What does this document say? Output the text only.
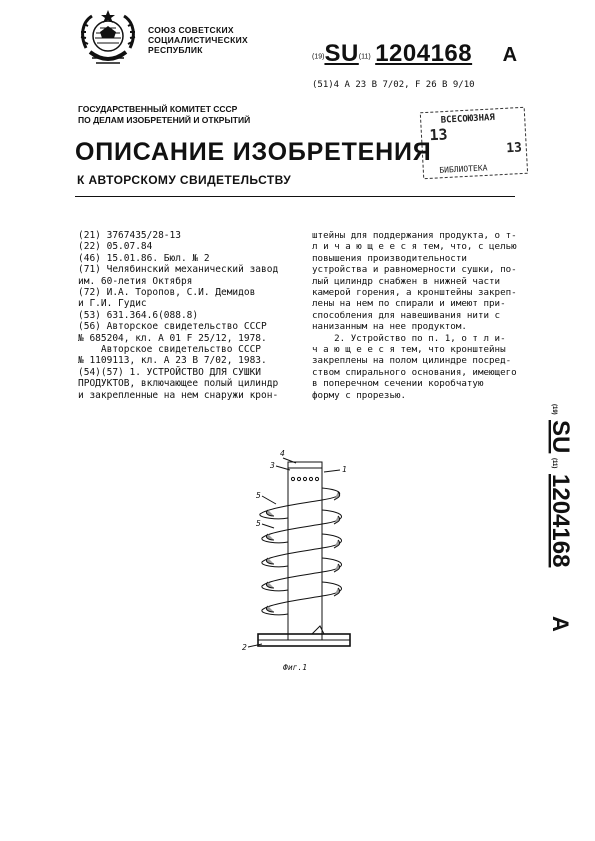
СОЮЗ СОВЕТСКИХ
СОЦИАЛИСТИЧЕСКИХ
РЕСПУБЛИК
(19)SU(11) 1204168 A
(51)4 А 23 В 7/02, F 26 В 9/10
ГОСУДАРСТВЕННЫЙ КОМИТЕТ СССР
ПО ДЕЛАМ ИЗОБРЕТЕНИЙ И ОТКРЫТИЙ	ВСЕСОЮЗНАЯ
13
13
БИБЛИОТЕКА
ОПИСАНИЕ ИЗОБРЕТЕНИЯ
К АВТОРСКОМУ СВИДЕТЕЛЬСТВУ
(21) 3767435/28-13
(22) 05.07.84
(46) 15.01.86. Бюл. № 2
(71) Челябинский механический завод
им. 60-летия Октября
(72) И.А. Торопов, С.И. Демидов
и Г.И. Гудис
(53) 631.364.6(088.8)
(56) Авторское свидетельство СССР
№ 685204, кл. А 01 F 25/12, 1978.
Авторское свидетельство СССР
№ 1109113, кл. А 23 В 7/02, 1983.
(54)(57) 1. УСТРОЙСТВО ДЛЯ СУШКИ
ПРОДУКТОВ, включающее полый цилиндр
и закрепленные на нем снаружи крон-
штейны для поддержания продукта, о т-
л и ч а ю щ е е с я тем, что, с целью
повышения производительности
устройства и равномерности сушки, по-
лый цилиндр снабжен в нижней части
камерой горения, а кронштейны закреп-
лены на нем по спирали и имеют при-
способления для навешивания нити с
нанизанным на нее продуктом.
2. Устройство по п. 1, о т л и-
ч а ю щ е е с я тем, что кронштейны
закреплены на полом цилиндре посред-
ством спирального основания, имеющего
в поперечном сечении коробчатую
форму с прорезью.
(19)
SU
(11)
1204168
A
4
3	1
5
5
2
Фиг.1
